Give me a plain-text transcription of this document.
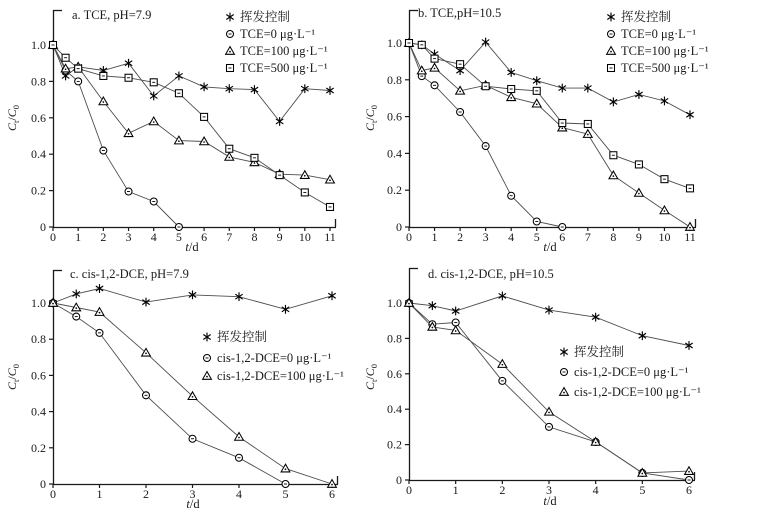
0 1 2 3 4 5 6 7 8 9 10 11
0
0.2
0.4
0.6
0.8
1.0
t/d
$C_t/C_0$
a. TCE, pH=7.9	挥发控制
TCE=0 μg·L⁻¹
TCE=100 μg·L⁻¹
TCE=500 μg·L⁻¹
0 1 2 3 4 5 6 7 8 9 10 11
0
0.2
0.4
0.6
0.8
1.0
t/d
$C_t/C_0$
b. TCE,pH=10.5	挥发控制
TCE=0 μg·L⁻¹
TCE=100 μg·L⁻¹
TCE=500 μg·L⁻¹
0	1	2	3	4	5	6
0
0.2
0.4
0.6
0.8
1.0
t/d
$C_t/C_0$
c. cis-1,2-DCE, pH=7.9
挥发控制
cis-1,2-DCE=0 μg·L⁻¹
cis-1,2-DCE=100 μg·L⁻¹
0	1	2	3	4	5	6
0
0.2
0.4
0.6
0.8
1.0
t/d
$C_t/C_0$
d. cis-1,2-DCE, pH=10.5
挥发控制
cis-1,2-DCE=0 μg·L⁻¹
cis-1,2-DCE=100 μg·L⁻¹
